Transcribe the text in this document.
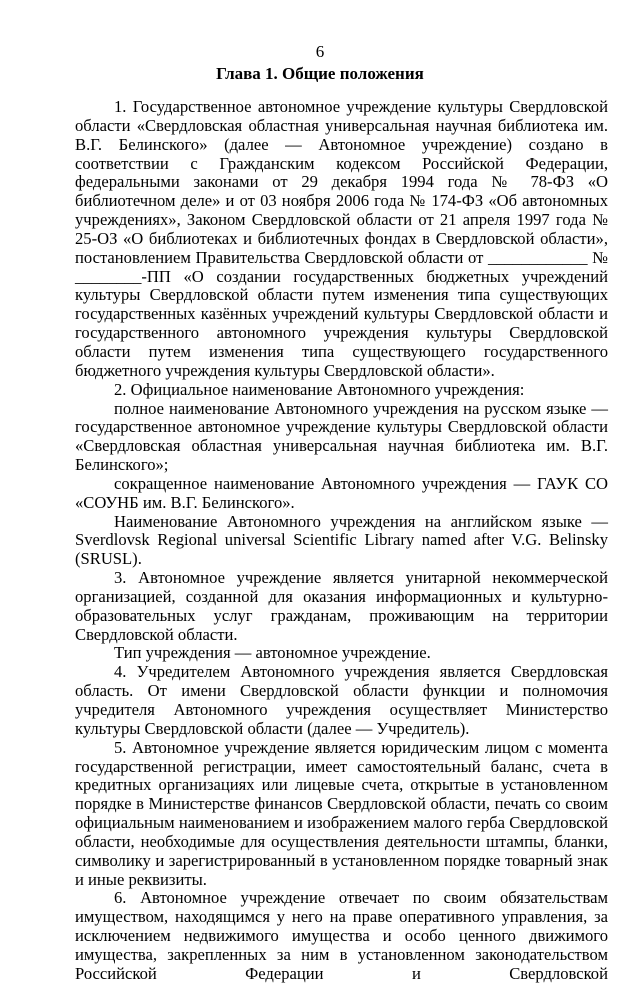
6
Глава 1. Общие положения

1. Государственное автономное учреждение культуры Свердловской области «Свердловская областная универсальная научная библиотека им. В.Г. Белинского» (далее — Автономное учреждение) создано в соответствии с Гражданским кодексом Российской Федерации, федеральными законами от 29 декабря 1994 года № 78-ФЗ «О библиотечном деле» и от 03 ноября 2006 года № 174-ФЗ «Об автономных учреждениях», Законом Свердловской области от 21 апреля 1997 года № 25-ОЗ «О библиотеках и библиотечных фондах в Свердловской области», постановлением Правительства Свердловской области от ____________ № ________-ПП «О создании государственных бюджетных учреждений культуры Свердловской области путем изменения типа существующих государственных казённых учреждений культуры Свердловской области и государственного автономного учреждения культуры Свердловской области путем изменения типа существующего государственного бюджетного учреждения культуры Свердловской области».

2. Официальное наименование Автономного учреждения:

полное наименование Автономного учреждения на русском языке — государственное автономное учреждение культуры Свердловской области «Свердловская областная универсальная научная библиотека им. В.Г. Белинского»;

сокращенное наименование Автономного учреждения — ГАУК СО «СОУНБ им. В.Г. Белинского».

Наименование Автономного учреждения на английском языке — Sverdlovsk Regional universal Scientific Library named after V.G. Belinsky (SRUSL).

3. Автономное учреждение является унитарной некоммерческой организацией, созданной для оказания информационных и культурно-образовательных услуг гражданам, проживающим на территории Свердловской области.

Тип учреждения — автономное учреждение.

4. Учредителем Автономного учреждения является Свердловская область. От имени Свердловской области функции и полномочия учредителя Автономного учреждения осуществляет Министерство культуры Свердловской области (далее — Учредитель).

5. Автономное учреждение является юридическим лицом с момента государственной регистрации, имеет самостоятельный баланс, счета в кредитных организациях или лицевые счета, открытые в установленном порядке в Министерстве финансов Свердловской области, печать со своим официальным наименованием и изображением малого герба Свердловской области, необходимые для осуществления деятельности штампы, бланки, символику и зарегистрированный в установленном порядке товарный знак и иные реквизиты.

6. Автономное учреждение отвечает по своим обязательствам имуществом, находящимся у него на праве оперативного управления, за исключением недвижимого имущества и особо ценного движимого имущества, закрепленных за ним в установленном законодательством Российской Федерации и Свердловской
